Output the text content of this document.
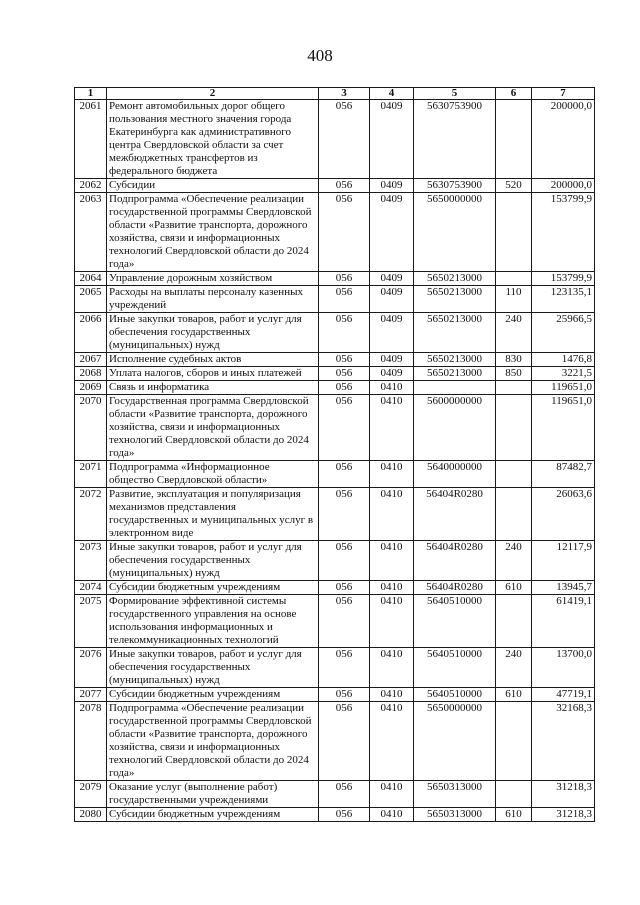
408
1	2	3	4	5	6	7
2061	Ремонт автомобильных дорог общего пользования местного значения города Екатеринбурга как административного центра Свердловской области за счет межбюджетных трансфертов из федерального бюджета	056	0409	5630753900		200000,0
2062	Субсидии	056	0409	5630753900	520	200000,0
2063	Подпрограмма «Обеспечение реализации государственной программы Свердловской области «Развитие транспорта, дорожного хозяйства, связи и информационных технологий Свердловской области до 2024 года»	056	0409	5650000000		153799,9
2064	Управление дорожным хозяйством	056	0409	5650213000		153799,9
2065	Расходы на выплаты персоналу казенных учреждений	056	0409	5650213000	110	123135,1
2066	Иные закупки товаров, работ и услуг для обеспечения государственных (муниципальных) нужд	056	0409	5650213000	240	25966,5
2067	Исполнение судебных актов	056	0409	5650213000	830	1476,8
2068	Уплата налогов, сборов и иных платежей	056	0409	5650213000	850	3221,5
2069	Связь и информатика	056	0410			119651,0
2070	Государственная программа Свердловской области «Развитие транспорта, дорожного хозяйства, связи и информационных технологий Свердловской области до 2024 года»	056	0410	5600000000		119651,0
2071	Подпрограмма «Информационное общество Свердловской области»	056	0410	5640000000		87482,7
2072	Развитие, эксплуатация и популяризация механизмов представления государственных и муниципальных услуг в электронном виде	056	0410	56404R0280		26063,6
2073	Иные закупки товаров, работ и услуг для обеспечения государственных (муниципальных) нужд	056	0410	56404R0280	240	12117,9
2074	Субсидии бюджетным учреждениям	056	0410	56404R0280	610	13945,7
2075	Формирование эффективной системы государственного управления на основе использования информационных и телекоммуникационных технологий	056	0410	5640510000		61419,1
2076	Иные закупки товаров, работ и услуг для обеспечения государственных (муниципальных) нужд	056	0410	5640510000	240	13700,0
2077	Субсидии бюджетным учреждениям	056	0410	5640510000	610	47719,1
2078	Подпрограмма «Обеспечение реализации государственной программы Свердловской области «Развитие транспорта, дорожного хозяйства, связи и информационных технологий Свердловской области до 2024 года»	056	0410	5650000000		32168,3
2079	Оказание услуг (выполнение работ) государственными учреждениями	056	0410	5650313000		31218,3
2080	Субсидии бюджетным учреждениям	056	0410	5650313000	610	31218,3
